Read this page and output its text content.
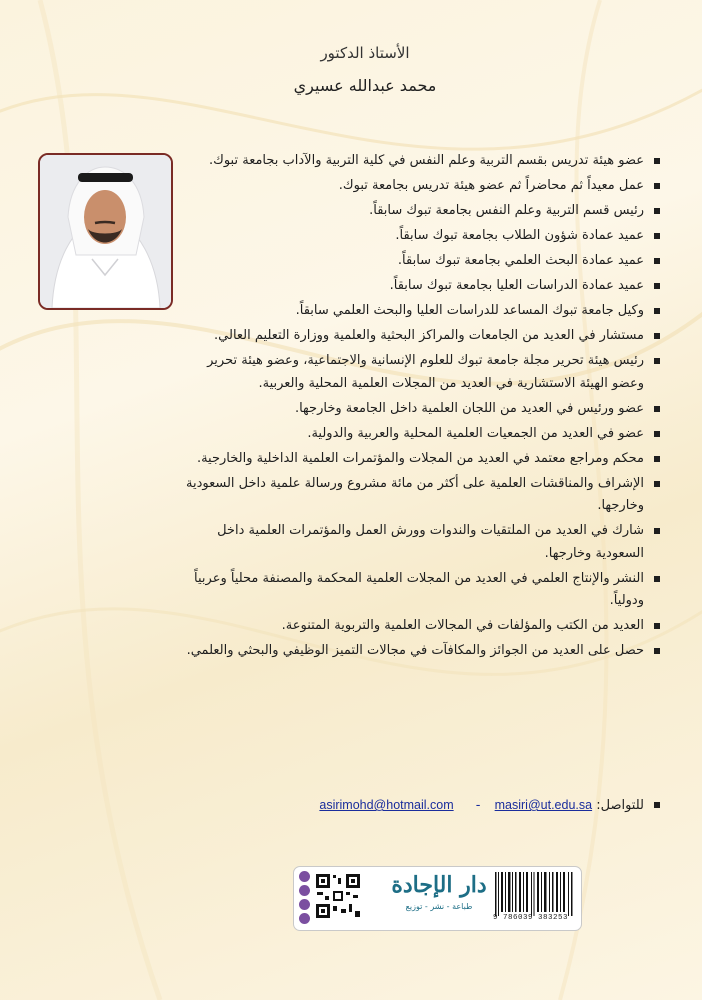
الأستاذ الدكتور
محمد عبدالله عسيري
عضو هيئة تدريس بقسم التربية وعلم النفس في كلية التربية والآداب بجامعة تبوك.
عمل معيداً ثم محاضراً ثم عضو هيئة تدريس بجامعة تبوك.
رئيس قسم التربية وعلم النفس بجامعة تبوك سابقاً.
عميد عمادة شؤون الطلاب بجامعة تبوك سابقاً.
عميد عمادة البحث العلمي بجامعة تبوك سابقاً.
عميد عمادة الدراسات العليا بجامعة تبوك سابقاً.
وكيل جامعة تبوك المساعد للدراسات العليا والبحث العلمي سابقاً.
مستشار في العديد من الجامعات والمراكز البحثية والعلمية ووزارة التعليم العالي.
رئيس هيئة تحرير مجلة جامعة تبوك للعلوم الإنسانية والاجتماعية، وعضو هيئة تحرير وعضو الهيئة الاستشارية في العديد من المجلات العلمية المحلية والعربية.
عضو ورئيس في العديد من اللجان العلمية داخل الجامعة وخارجها.
عضو في العديد من الجمعيات العلمية المحلية والعربية والدولية.
محكم ومراجع معتمد في العديد من المجلات والمؤتمرات العلمية الداخلية والخارجية.
الإشراف والمناقشات العلمية على أكثر من مائة مشروع ورسالة علمية داخل السعودية وخارجها.
شارك في العديد من الملتقيات والندوات وورش العمل والمؤتمرات العلمية داخل السعودية وخارجها.
النشر والإنتاج العلمي في العديد من المجلات العلمية المحكمة والمصنفة محلياً وعربياً ودولياً.
العديد من الكتب والمؤلفات في المجالات العلمية والتربوية المتنوعة.
حصل على العديد من الجوائز والمكافآت في مجالات التميز الوظيفي والبحثي والعلمي.
للتواصل: asirimohd@hotmail.com - masiri@ut.edu.sa
دار الإجادة
طباعة - نشر - توزيع
9 786039 383253
